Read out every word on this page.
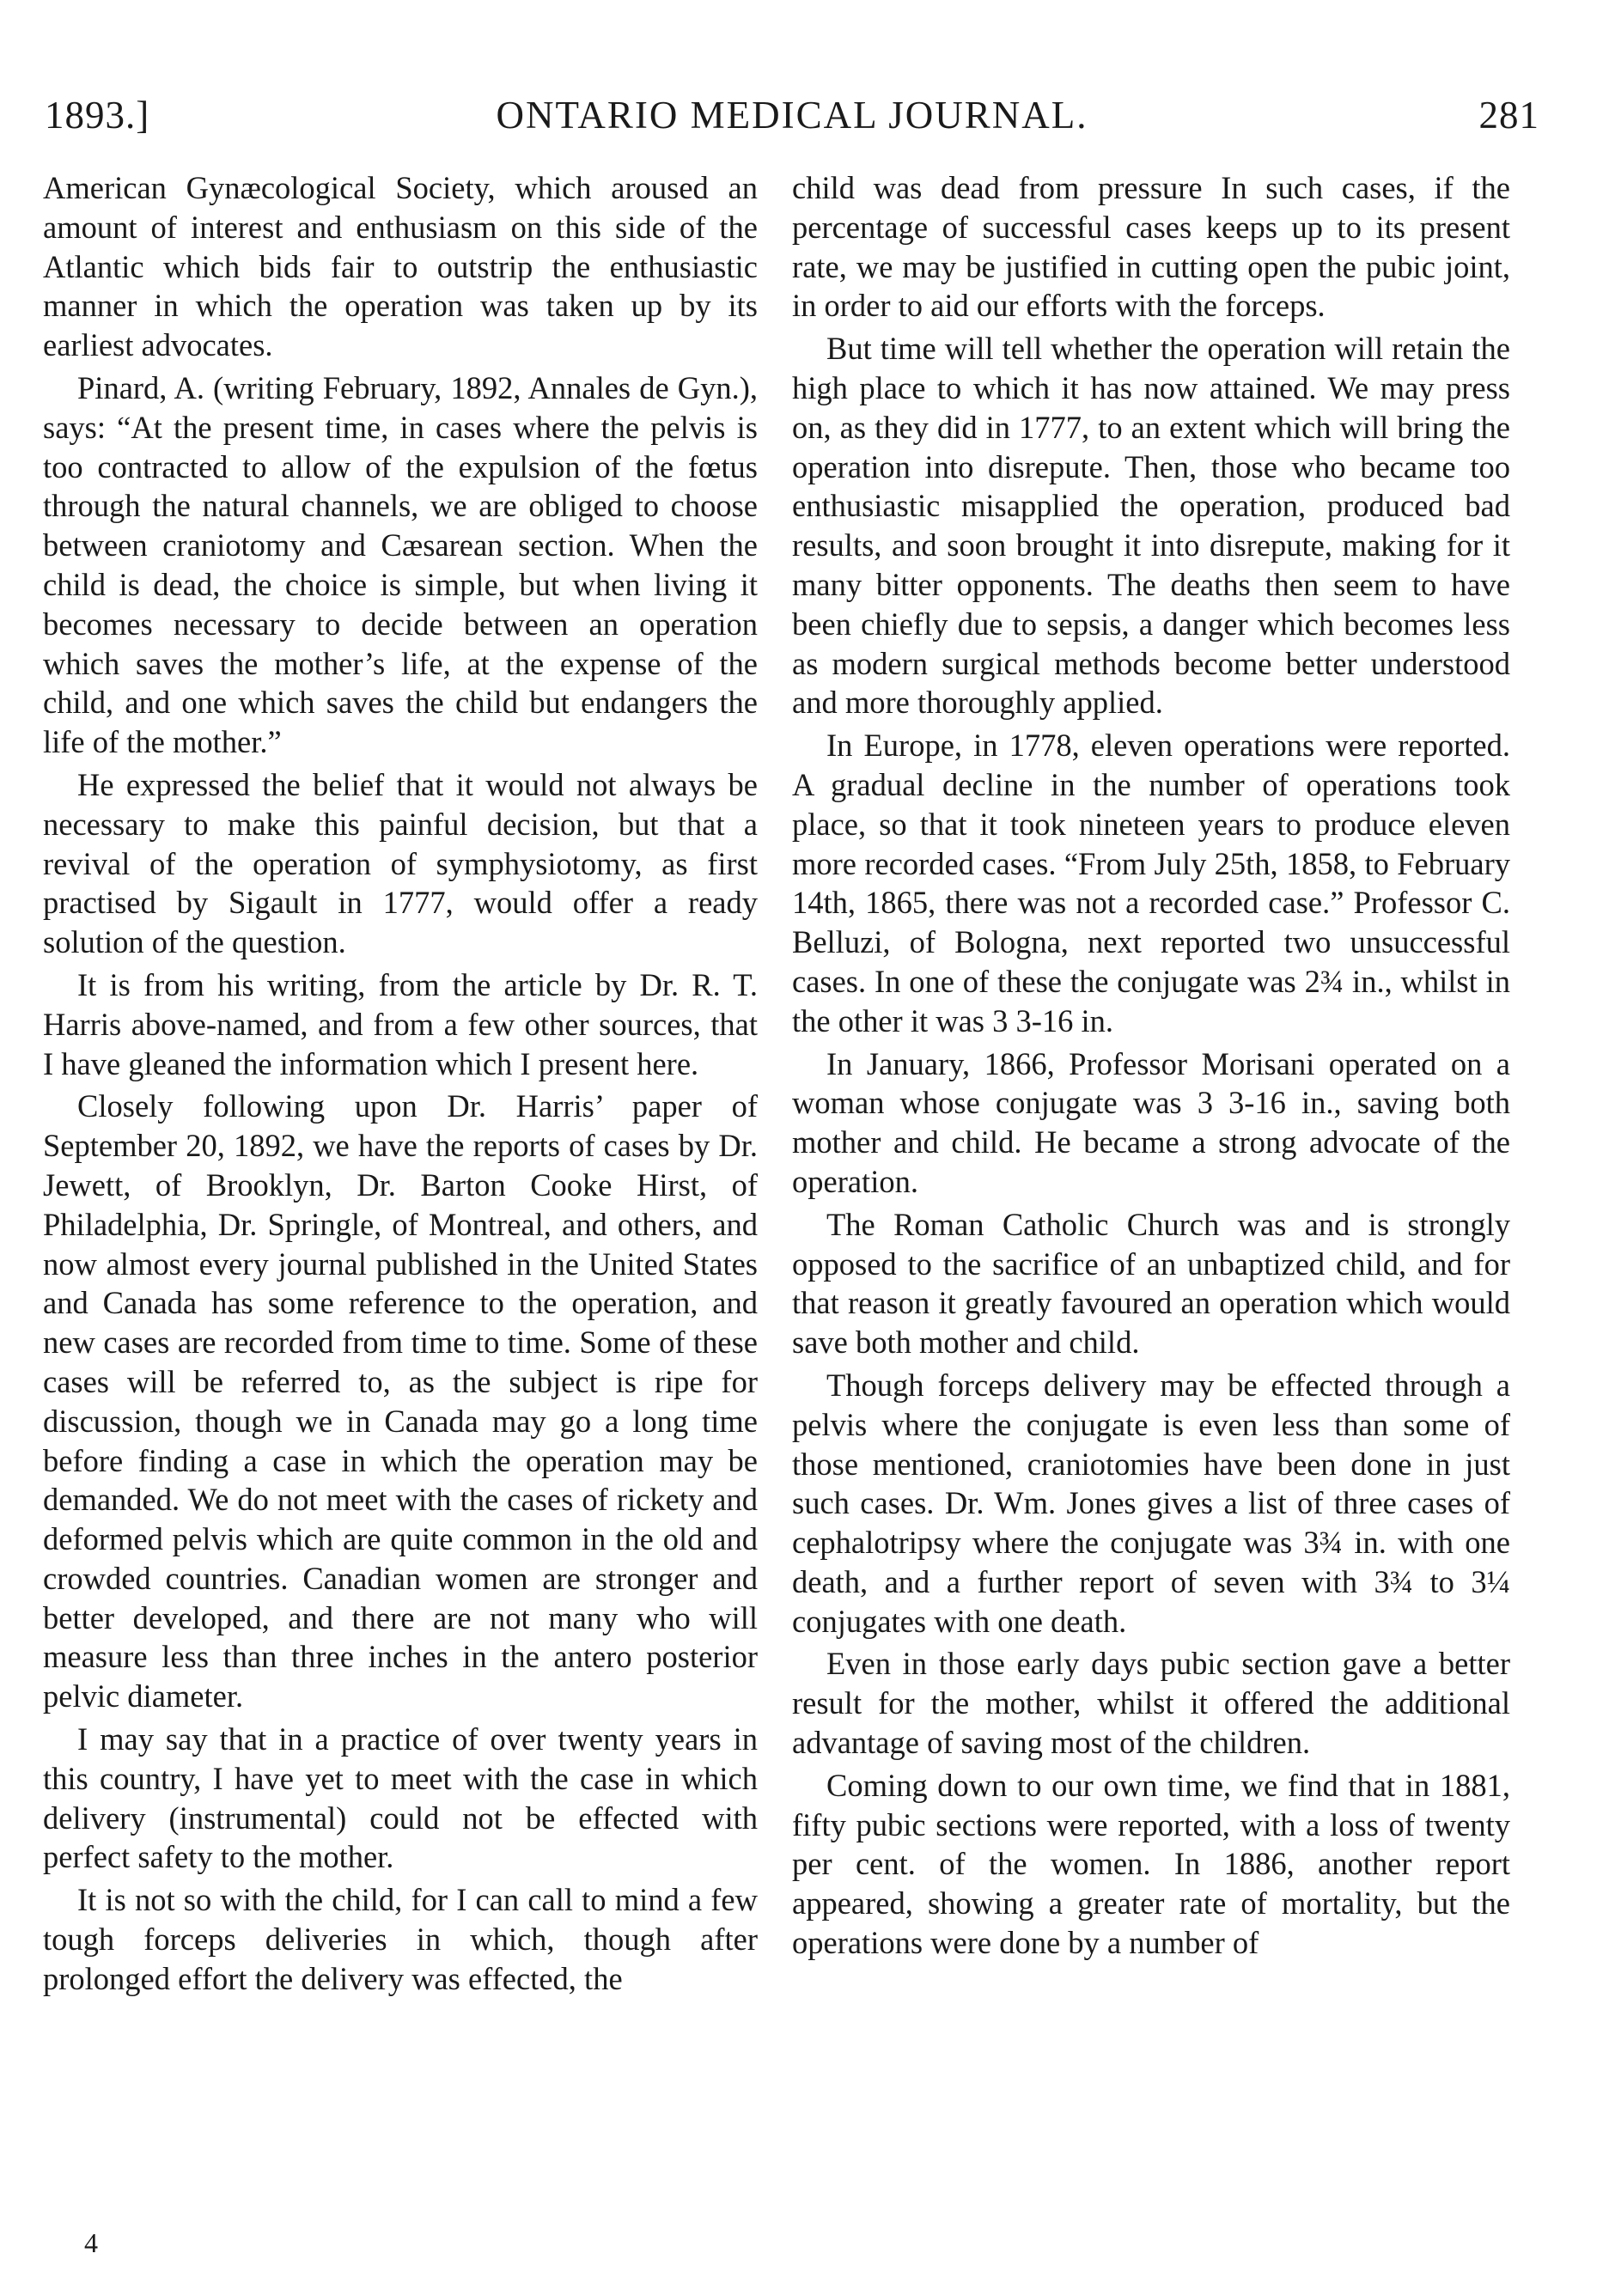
1893.]	ONTARIO MEDICAL JOURNAL.	281

American Gynæcological Society, which aroused an amount of interest and enthusiasm on this side of the Atlantic which bids fair to outstrip the enthusiastic manner in which the operation was taken up by its earliest advocates.

Pinard, A. (writing February, 1892, Annales de Gyn.), says: “At the present time, in cases where the pelvis is too contracted to allow of the expulsion of the fœtus through the natural channels, we are obliged to choose between craniotomy and Cæsarean section. When the child is dead, the choice is simple, but when living it becomes necessary to decide between an operation which saves the mother’s life, at the expense of the child, and one which saves the child but endangers the life of the mother.”

He expressed the belief that it would not always be necessary to make this painful decision, but that a revival of the operation of symphysiotomy, as first practised by Sigault in 1777, would offer a ready solution of the question.

It is from his writing, from the article by Dr. R. T. Harris above-named, and from a few other sources, that I have gleaned the information which I present here.

Closely following upon Dr. Harris’ paper of September 20, 1892, we have the reports of cases by Dr. Jewett, of Brooklyn, Dr. Barton Cooke Hirst, of Philadelphia, Dr. Springle, of Montreal, and others, and now almost every journal published in the United States and Canada has some reference to the operation, and new cases are recorded from time to time. Some of these cases will be referred to, as the subject is ripe for discussion, though we in Canada may go a long time before finding a case in which the operation may be demanded. We do not meet with the cases of rickety and deformed pelvis which are quite common in the old and crowded countries. Canadian women are stronger and better developed, and there are not many who will measure less than three inches in the antero posterior pelvic diameter.

I may say that in a practice of over twenty years in this country, I have yet to meet with the case in which delivery (instrumental) could not be effected with perfect safety to the mother.

It is not so with the child, for I can call to mind a few tough forceps deliveries in which, though after prolonged effort the delivery was effected, the

child was dead from pressure In such cases, if the percentage of successful cases keeps up to its present rate, we may be justified in cutting open the pubic joint, in order to aid our efforts with the forceps.

But time will tell whether the operation will retain the high place to which it has now attained. We may press on, as they did in 1777, to an extent which will bring the operation into disrepute. Then, those who became too enthusiastic misapplied the operation, produced bad results, and soon brought it into disrepute, making for it many bitter opponents. The deaths then seem to have been chiefly due to sepsis, a danger which becomes less as modern surgical methods become better understood and more thoroughly applied.

In Europe, in 1778, eleven operations were reported. A gradual decline in the number of operations took place, so that it took nineteen years to produce eleven more recorded cases. “From July 25th, 1858, to February 14th, 1865, there was not a recorded case.” Professor C. Belluzi, of Bologna, next reported two unsuccessful cases. In one of these the conjugate was 2¾ in., whilst in the other it was 3 3-16 in.

In January, 1866, Professor Morisani operated on a woman whose conjugate was 3 3-16 in., saving both mother and child. He became a strong advocate of the operation.

The Roman Catholic Church was and is strongly opposed to the sacrifice of an unbaptized child, and for that reason it greatly favoured an operation which would save both mother and child.

Though forceps delivery may be effected through a pelvis where the conjugate is even less than some of those mentioned, craniotomies have been done in just such cases. Dr. Wm. Jones gives a list of three cases of cephalotripsy where the conjugate was 3¾ in. with one death, and a further report of seven with 3¾ to 3¼ conjugates with one death.

Even in those early days pubic section gave a better result for the mother, whilst it offered the additional advantage of saving most of the children.

Coming down to our own time, we find that in 1881, fifty pubic sections were reported, with a loss of twenty per cent. of the women. In 1886, another report appeared, showing a greater rate of mortality, but the operations were done by a number of

4
